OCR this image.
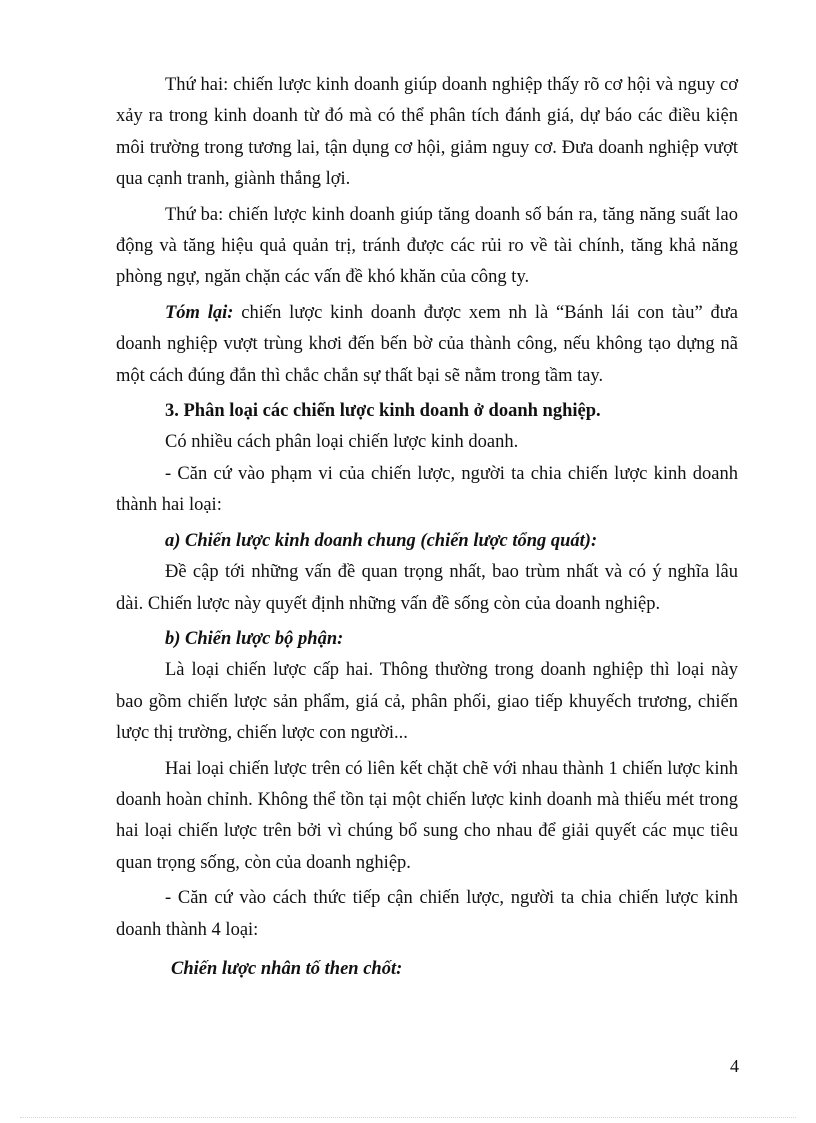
Thứ hai: chiến lược kinh doanh giúp doanh nghiệp thấy rõ cơ hội và nguy cơ xảy ra trong kinh doanh từ đó mà có thể phân tích đánh giá, dự báo các điều kiện môi trường trong tương lai, tận dụng cơ hội, giảm nguy cơ. Đưa doanh nghiệp vượt qua cạnh tranh, giành thắng lợi.

Thứ ba: chiến lược kinh doanh giúp tăng doanh số bán ra, tăng năng suất lao động và tăng hiệu quả quản trị, tránh được các rủi ro về tài chính, tăng khả năng phòng ngự, ngăn chặn các vấn đề khó khăn của công ty.

Tóm lại: chiến lược kinh doanh được xem nh là “Bánh lái con tàu” đưa doanh nghiệp vượt trùng khơi đến bến bờ của thành công, nếu không tạo dựng nã một cách đúng đắn thì chắc chắn sự thất bại sẽ nằm trong tầm tay.

3. Phân loại các chiến lược kinh doanh ở doanh nghiệp.

Có nhiều cách phân loại chiến lược kinh doanh.

- Căn cứ vào phạm vi của chiến lược, người ta chia chiến lược kinh doanh thành hai loại:

a) Chiến lược kinh doanh chung (chiến lược tổng quát):

Đề cập tới những vấn đề quan trọng nhất, bao trùm nhất và có ý nghĩa lâu dài. Chiến lược này quyết định những vấn đề sống còn của doanh nghiệp.

b) Chiến lược bộ phận:

Là loại chiến lược cấp hai. Thông thường trong doanh nghiệp thì loại này bao gồm chiến lược sản phẩm, giá cả, phân phối, giao tiếp khuyếch trương, chiến lược thị trường, chiến lược con người...

Hai loại chiến lược trên có liên kết chặt chẽ với nhau thành 1 chiến lược kinh doanh hoàn chỉnh. Không thể tồn tại một chiến lược kinh doanh mà thiếu mét trong hai loại chiến lược trên bởi vì chúng bổ sung cho nhau để giải quyết các mục tiêu quan trọng sống, còn của doanh nghiệp.

- Căn cứ vào cách thức tiếp cận chiến lược, người ta chia chiến lược kinh doanh thành 4 loại:

Chiến lược nhân tố then chốt:

4
